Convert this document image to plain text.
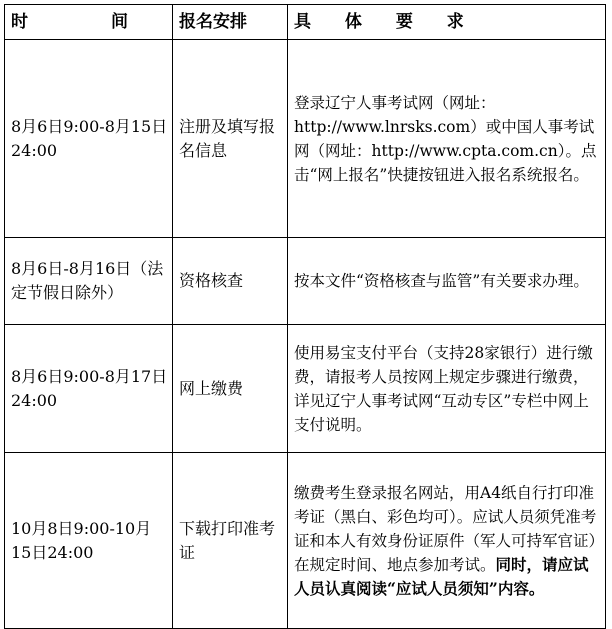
时 间	报名安排	具 体 要 求
8月6日9:00-8月15日24:00	注册及填写报名信息	登录辽宁人事考试网（网址：http://www.lnrsks.com）或中国人事考试网（网址：http://www.cpta.com.cn）。点击“网上报名”快捷按钮进入报名系统报名。
8月6日-8月16日（法定节假日除外）	资格核查	按本文件“资格核查与监管”有关要求办理。
8月6日9:00-8月17日24:00	网上缴费	使用易宝支付平台（支持28家银行）进行缴费，请报考人员按网上规定步骤进行缴费，详见辽宁人事考试网“互动专区”专栏中网上支付说明。
10月8日9:00-10月15日24:00	下载打印准考证	缴费考生登录报名网站，用A4纸自行打印准考证（黑白、彩色均可）。应试人员须凭准考证和本人有效身份证原件（军人可持军官证）在规定时间、地点参加考试。同时，请应试人员认真阅读“应试人员须知”内容。
